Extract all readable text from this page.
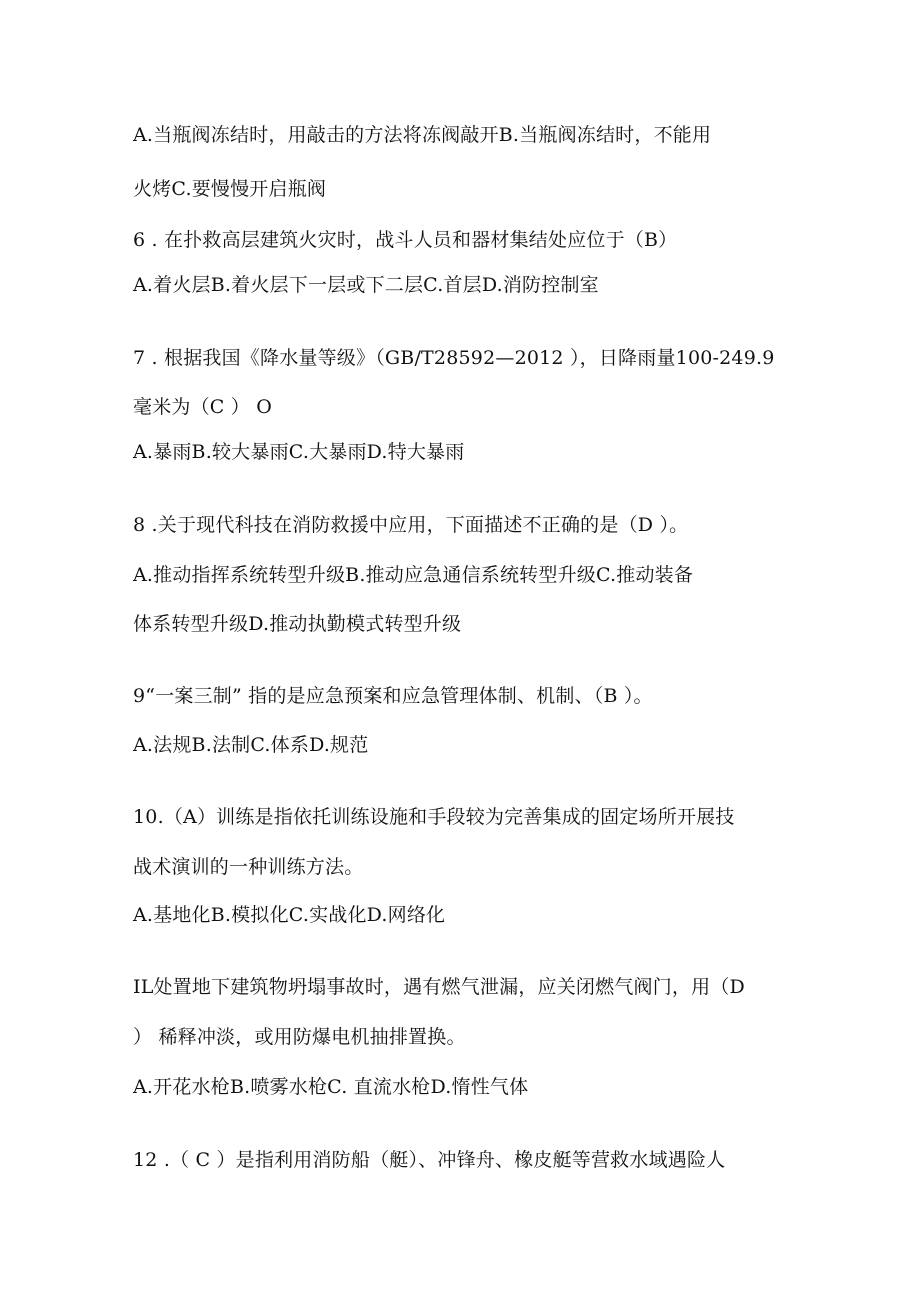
A.当瓶阀冻结时，用敲击的方法将冻阀敲开B.当瓶阀冻结时，不能用
火烤C.要慢慢开启瓶阀
6 . 在扑救高层建筑火灾时，战斗人员和器材集结处应位于（B）
A.着火层B.着火层下一层或下二层C.首层D.消防控制室
7 . 根据我国《降水量等级》（GB/T28592—2012 ），日降雨量100-249.9
毫米为（C ） O
A.暴雨B.较大暴雨C.大暴雨D.特大暴雨
8 .关于现代科技在消防救援中应用，下面描述不正确的是（D ）。
A.推动指挥系统转型升级B.推动应急通信系统转型升级C.推动装备
体系转型升级D.推动执勤模式转型升级
9“一案三制” 指的是应急预案和应急管理体制、机制、（B ）。
A.法规B.法制C.体系D.规范
10.（A）训练是指依托训练设施和手段较为完善集成的固定场所开展技
战术演训的一种训练方法。
A.基地化B.模拟化C.实战化D.网络化
IL处置地下建筑物坍塌事故时，遇有燃气泄漏，应关闭燃气阀门，用（D
） 稀释冲淡，或用防爆电机抽排置换。
A.开花水枪B.喷雾水枪C. 直流水枪D.惰性气体
12 .（ C ）是指利用消防船（艇）、冲锋舟、橡皮艇等营救水域遇险人
